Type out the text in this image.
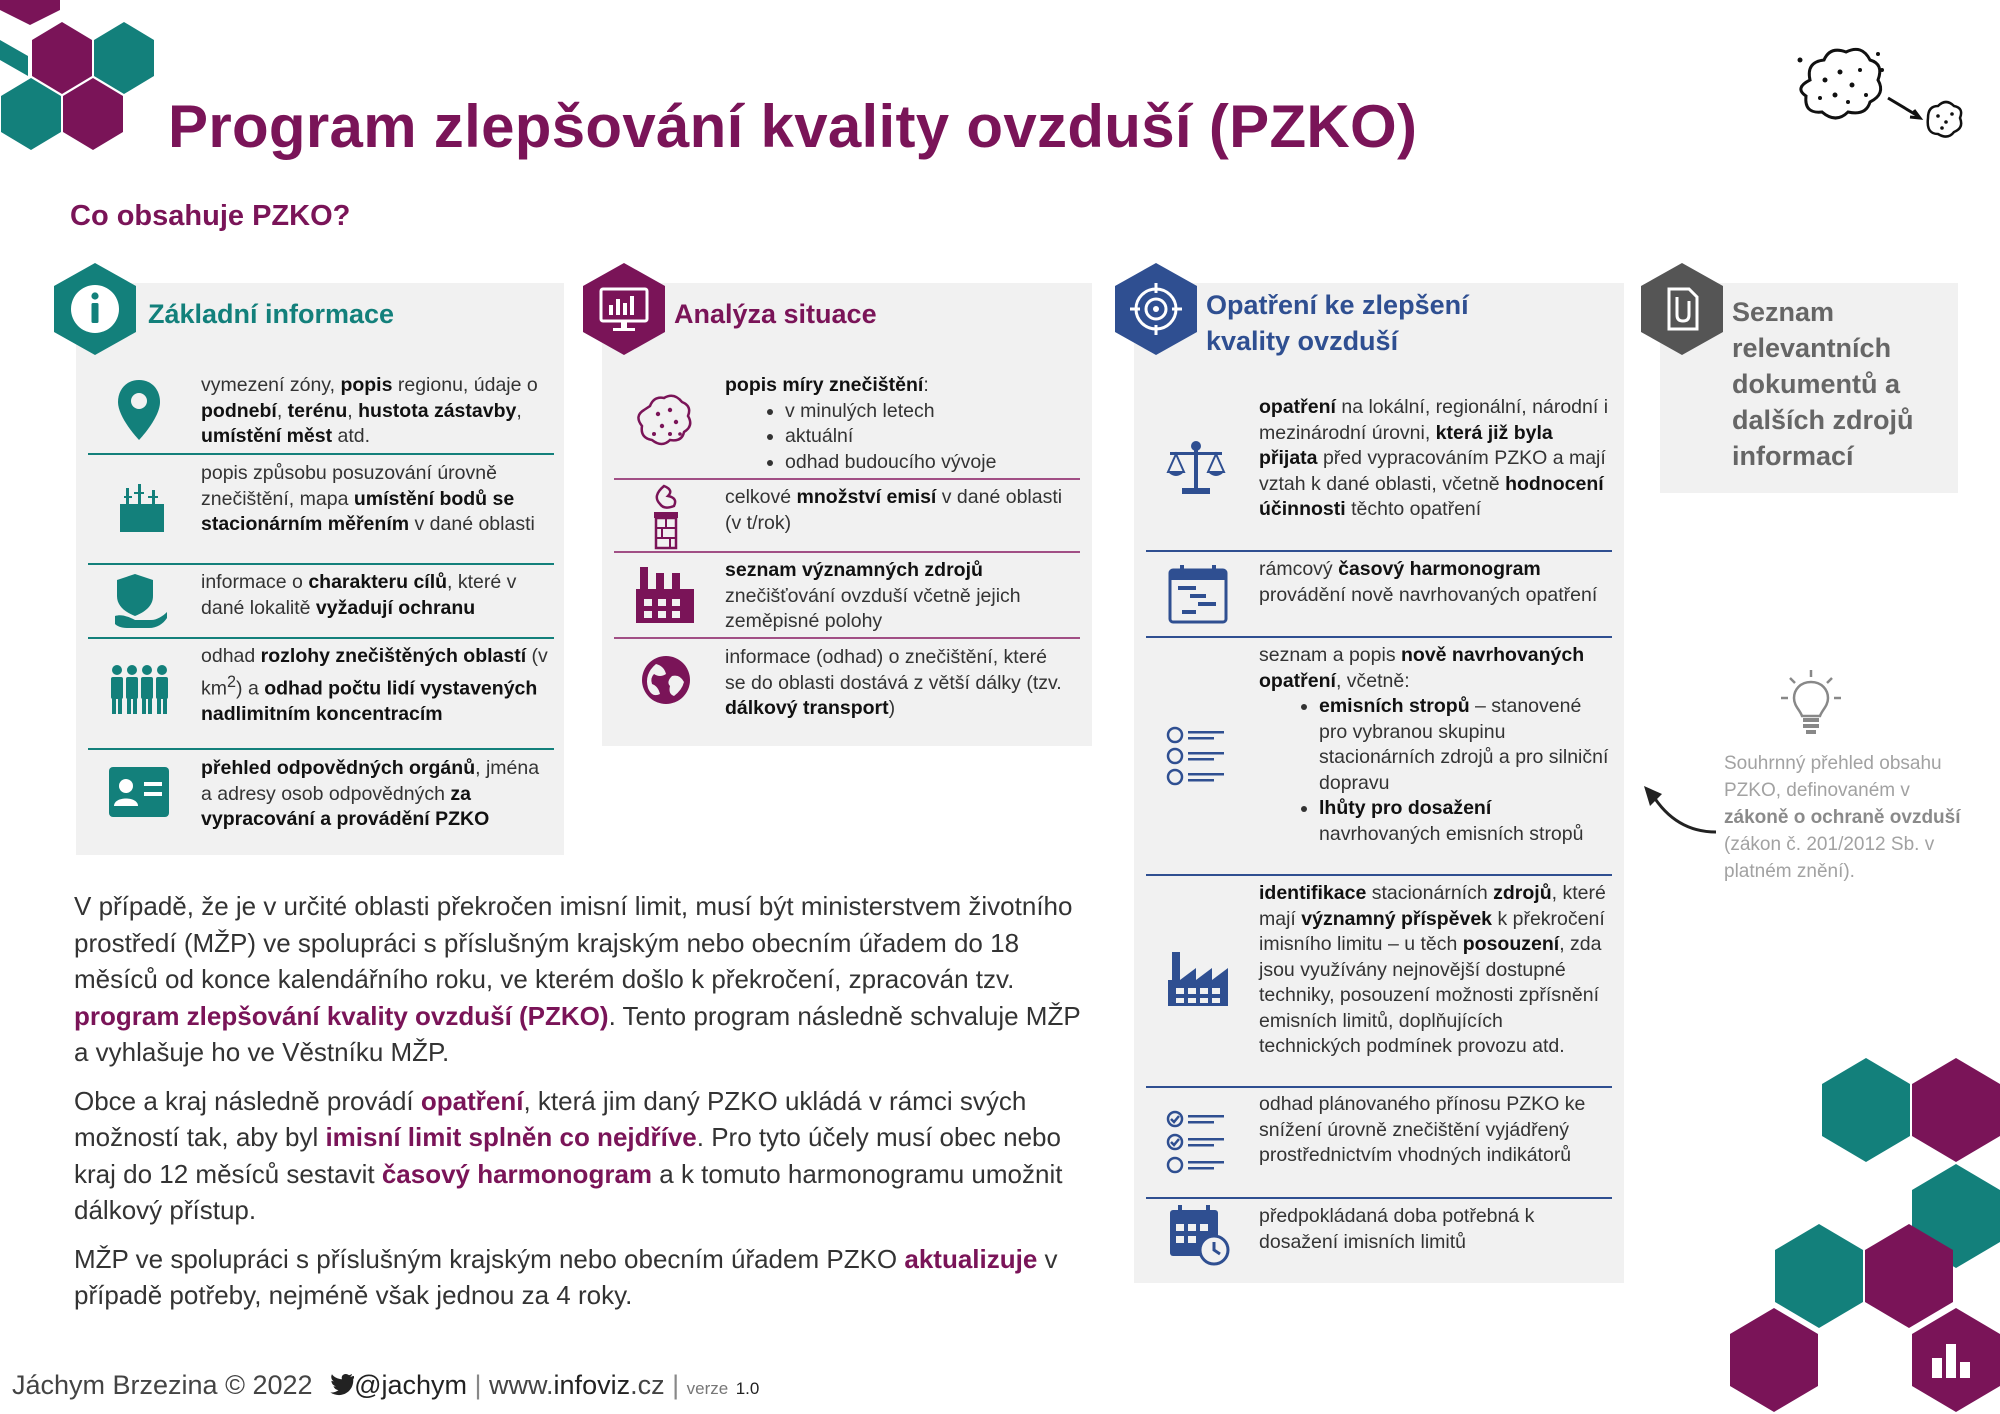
Program zlepšování kvality ovzduší (PZKO)
Co obsahuje PZKO?
Základní informace
vymezení zóny, popis regionu, údaje o podnebí, terénu, hustota zástavby, umístění měst atd.
popis způsobu posuzování úrovně znečištění, mapa umístění bodů se stacionárním měřením v dané oblasti
informace o charakteru cílů, které v dané lokalitě vyžadují ochranu
odhad rozlohy znečištěných oblastí (v $km^2$) a odhad počtu lidí vystavených nadlimitním koncentracím
přehled odpovědných orgánů, jména a adresy osob odpovědných za vypracování a provádění PZKO
Analýza situace
popis míry znečištění:
• v minulých letech
• aktuální
• odhad budoucího vývoje
celkové množství emisí v dané oblasti (v t/rok)
seznam významných zdrojů znečišťování ovzduší včetně jejich zeměpisné polohy
informace (odhad) o znečištění, které se do oblasti dostává z větší dálky (tzv. dálkový transport)
Opatření ke zlepšení
kvality ovzduší
opatření na lokální, regionální, národní i mezinárodní úrovni, která již byla přijata před vypracováním PZKO a mají vztah k dané oblasti, včetně hodnocení účinnosti těchto opatření
rámcový časový harmonogram provádění nově navrhovaných opatření
seznam a popis nově navrhovaných opatření, včetně:
• emisních stropů – stanovené pro vybranou skupinu stacionárních zdrojů a pro silniční dopravu
• lhůty pro dosažení navrhovaných emisních stropů
identifikace stacionárních zdrojů, které mají významný příspěvek k překročení imisního limitu – u těch posouzení, zda jsou využívány nejnovější dostupné techniky, posouzení možnosti zpřísnění emisních limitů, doplňujících technických podmínek provozu atd.
odhad plánovaného přínosu PZKO ke snížení úrovně znečištění vyjádřený prostřednictvím vhodných indikátorů
předpokládaná doba potřebná k dosažení imisních limitů
Seznam relevantních dokumentů a dalších zdrojů informací
Souhrnný přehled obsahu PZKO, definovaném v zákoně o ochraně ovzduší (zákon č. 201/2012 Sb. v platném znění).

V případě, že je v určité oblasti překročen imisní limit, musí být ministerstvem životního prostředí (MŽP) ve spolupráci s příslušným krajským nebo obecním úřadem do 18 měsíců od konce kalendářního roku, ve kterém došlo k překročení, zpracován tzv. program zlepšování kvality ovzduší (PZKO). Tento program následně schvaluje MŽP a vyhlašuje ho ve Věstníku MŽP.

Obce a kraj následně provádí opatření, která jim daný PZKO ukládá v rámci svých možností tak, aby byl imisní limit splněn co nejdříve. Pro tyto účely musí obec nebo kraj do 12 měsíců sestavit časový harmonogram a k tomuto harmonogramu umožnit dálkový přístup.

MŽP ve spolupráci s příslušným krajským nebo obecním úřadem PZKO aktualizuje v případě potřeby, nejméně však jednou za 4 roky.

Jáchym Brzezina © 2022 @jachym | www.infoviz.cz | verze 1.0
